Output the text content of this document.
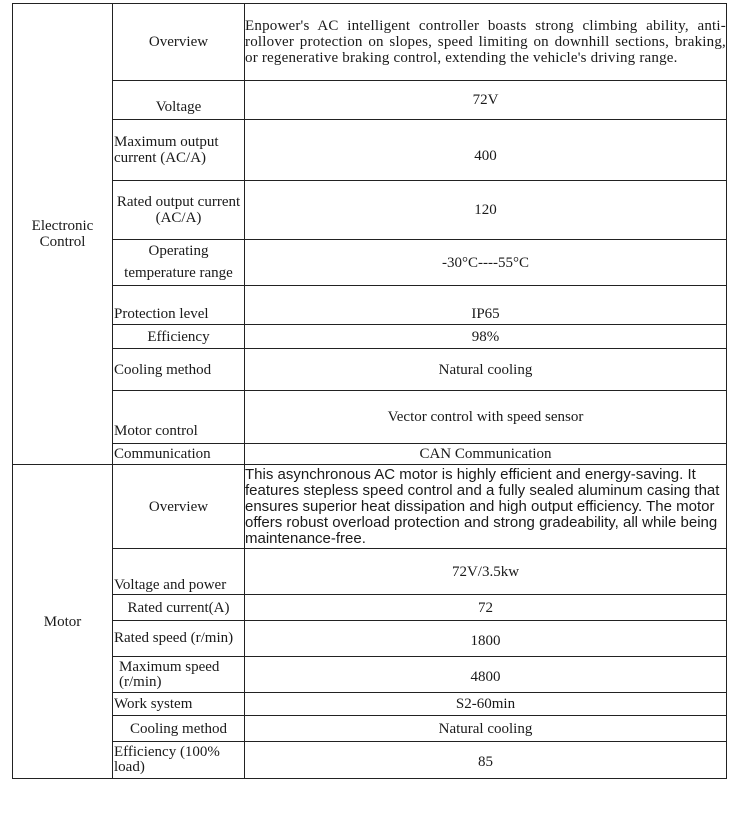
Electronic Control	Overview	Enpower's AC intelligent controller boasts strong climbing ability, anti-rollover protection on slopes, speed limiting on downhill sections, braking, or regenerative braking control, extending the vehicle's driving range.
	Voltage	72V
	Maximum output current (AC/A)	400
	Rated output current (AC/A)	120
	Operating temperature range	-30°C----55°C
	Protection level	IP65
	Efficiency	98%
	Cooling method	Natural cooling
	Motor control	Vector control with speed sensor
	Communication	CAN Communication
Motor	Overview	This asynchronous AC motor is highly efficient and energy-saving. It features stepless speed control and a fully sealed aluminum casing that ensures superior heat dissipation and high output efficiency. The motor offers robust overload protection and strong gradeability, all while being maintenance-free.
	Voltage and power	72V/3.5kw
	Rated current(A)	72
	Rated speed (r/min)	1800
	Maximum speed (r/min)	4800
	Work system	S2-60min
	Cooling method	Natural cooling
	Efficiency (100% load)	85
